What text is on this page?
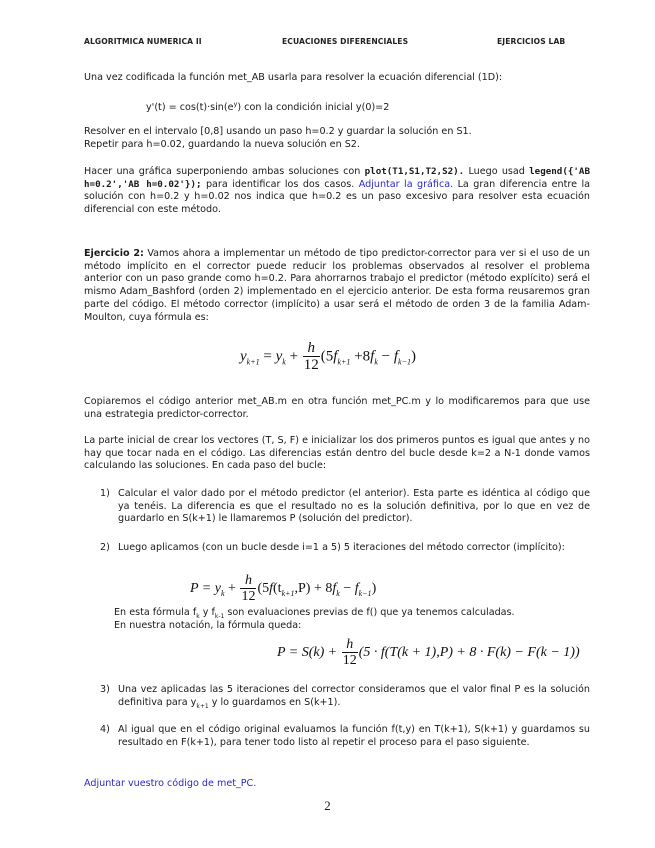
ALGORITMICA NUMERICA II	ECUACIONES DIFERENCIALES	EJERCICIOS LAB
Una vez codificada la función met_AB usarla para resolver la ecuación diferencial (1D):
$y'(t) = \cos(t)\cdot\sin(e^y)$ con la condición inicial y(0)=2
Resolver en el intervalo [0,8] usando un paso h=0.2 y guardar la solución en S1.
Repetir para h=0.02, guardando la nueva solución en S2.
Hacer una gráfica superponiendo ambas soluciones con plot(T1,S1,T2,S2). Luego usad legend({'AB h=0.2','AB h=0.02'}); para identificar los dos casos. Adjuntar la gráfica. La gran diferencia entre la solución con h=0.2 y h=0.02 nos indica que h=0.2 es un paso excesivo para resolver esta ecuación diferencial con este método.
Ejercicio 2: Vamos ahora a implementar un método de tipo predictor-corrector para ver si el uso de un método implícito en el corrector puede reducir los problemas observados al resolver el problema anterior con un paso grande como h=0.2. Para ahorrarnos trabajo el predictor (método explícito) será el mismo Adam_Bashford (orden 2) implementado en el ejercicio anterior. De esta forma reusaremos gran parte del código. El método corrector (implícito) a usar será el método de orden 3 de la familia Adam-Moulton, cuya fórmula es:
$y_{k+1} = y_k + \frac{h}{12} (5f_{k+1} +8f_k - f_{k-1})$
Copiaremos el código anterior met_AB.m en otra función met_PC.m y lo modificaremos para que use una estrategia predictor-corrector.
La parte inicial de crear los vectores (T, S, F) e inicializar los dos primeros puntos es igual que antes y no hay que tocar nada en el código. Las diferencias están dentro del bucle desde k=2 a N-1 donde vamos calculando las soluciones. En cada paso del bucle:
1) Calcular el valor dado por el método predictor (el anterior). Esta parte es idéntica al código que ya tenéis. La diferencia es que el resultado no es la solución definitiva, por lo que en vez de guardarlo en S(k+1) le llamaremos P (solución del predictor).
2) Luego aplicamos (con un bucle desde i=1 a 5) 5 iteraciones del método corrector (implícito):
$P = y_k + \frac{h}{12} (5f(t_{k+1},P) + 8f_k - f_{k-1})$
En esta fórmula $f_k$ y $f_{k-1}$ son evaluaciones previas de f() que ya tenemos calculadas.
En nuestra notación, la fórmula queda:
$P = S(k) + \frac{h}{12} (5 \cdot f(T(k + 1),P) + 8 \cdot F(k) - F(k - 1))$
3) Una vez aplicadas las 5 iteraciones del corrector consideramos que el valor final P es la solución definitiva para $y_{k+1}$ y lo guardamos en S(k+1).
4) Al igual que en el código original evaluamos la función f(t,y) en T(k+1), S(k+1) y guardamos su resultado en F(k+1), para tener todo listo al repetir el proceso para el paso siguiente.
Adjuntar vuestro código de met_PC.
2
